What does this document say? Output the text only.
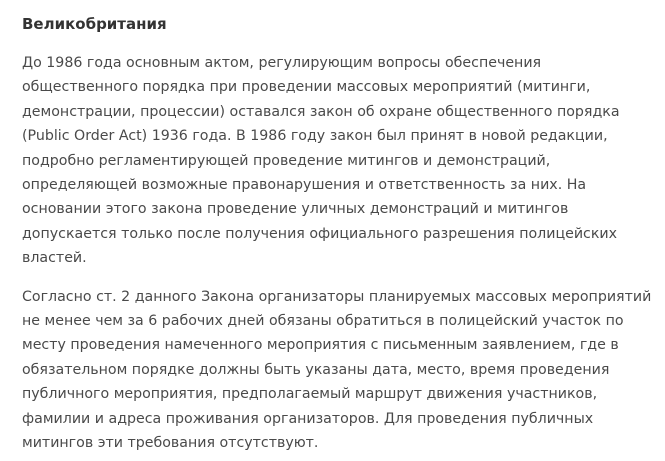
Великобритания

До 1986 года основным актом, регулирующим вопросы обеспечения общественного порядка при проведении массовых мероприятий (митинги, демонстрации, процессии) оставался закон об охране общественного порядка (Public Order Act) 1936 года. В 1986 году закон был принят в новой редакции, подробно регламентирующей проведение митингов и демонстраций, определяющей возможные правонарушения и ответственность за них. На основании этого закона проведение уличных демонстраций и митингов допускается только после получения официального разрешения полицейских властей.

Согласно ст. 2 данного Закона организаторы планируемых массовых мероприятий не менее чем за 6 рабочих дней обязаны обратиться в полицейский участок по месту проведения намеченного мероприятия с письменным заявлением, где в обязательном порядке должны быть указаны дата, место, время проведения публичного мероприятия, предполагаемый маршрут движения участников, фамилии и адреса проживания организаторов. Для проведения публичных митингов эти требования отсутствуют.
